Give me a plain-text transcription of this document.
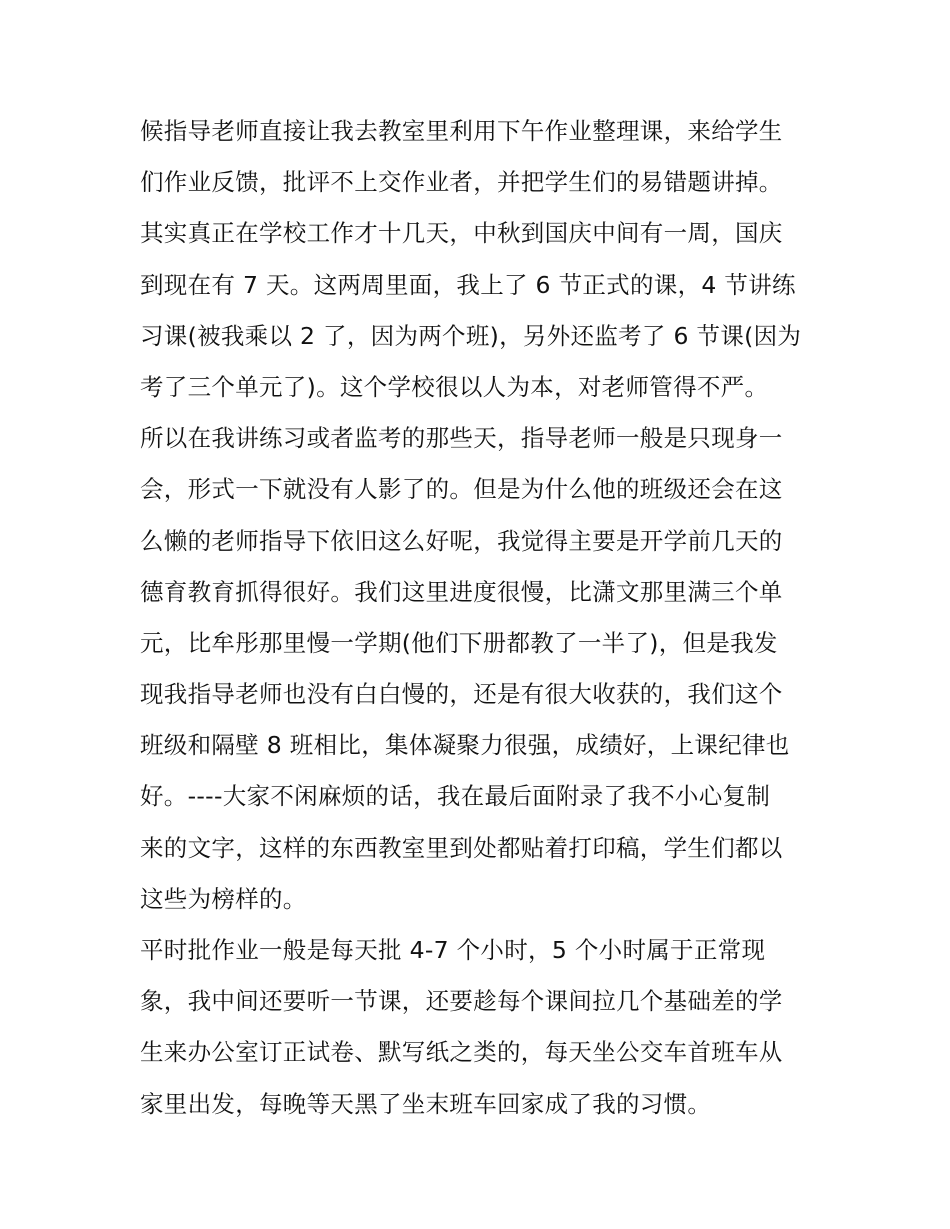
候指导老师直接让我去教室里利用下午作业整理课，来给学生
们作业反馈，批评不上交作业者，并把学生们的易错题讲掉。
其实真正在学校工作才十几天，中秋到国庆中间有一周，国庆
到现在有 7 天。这两周里面，我上了 6 节正式的课，4 节讲练
习课(被我乘以 2 了，因为两个班)，另外还监考了 6 节课(因为
考了三个单元了)。这个学校很以人为本，对老师管得不严。
所以在我讲练习或者监考的那些天，指导老师一般是只现身一
会，形式一下就没有人影了的。但是为什么他的班级还会在这
么懒的老师指导下依旧这么好呢，我觉得主要是开学前几天的
德育教育抓得很好。我们这里进度很慢，比潇文那里满三个单
元，比牟彤那里慢一学期(他们下册都教了一半了)，但是我发
现我指导老师也没有白白慢的，还是有很大收获的，我们这个
班级和隔壁 8 班相比，集体凝聚力很强，成绩好，上课纪律也
好。----大家不闲麻烦的话，我在最后面附录了我不小心复制
来的文字，这样的东西教室里到处都贴着打印稿，学生们都以
这些为榜样的。
平时批作业一般是每天批 4-7 个小时，5 个小时属于正常现
象，我中间还要听一节课，还要趁每个课间拉几个基础差的学
生来办公室订正试卷、默写纸之类的，每天坐公交车首班车从
家里出发，每晚等天黑了坐末班车回家成了我的习惯。
